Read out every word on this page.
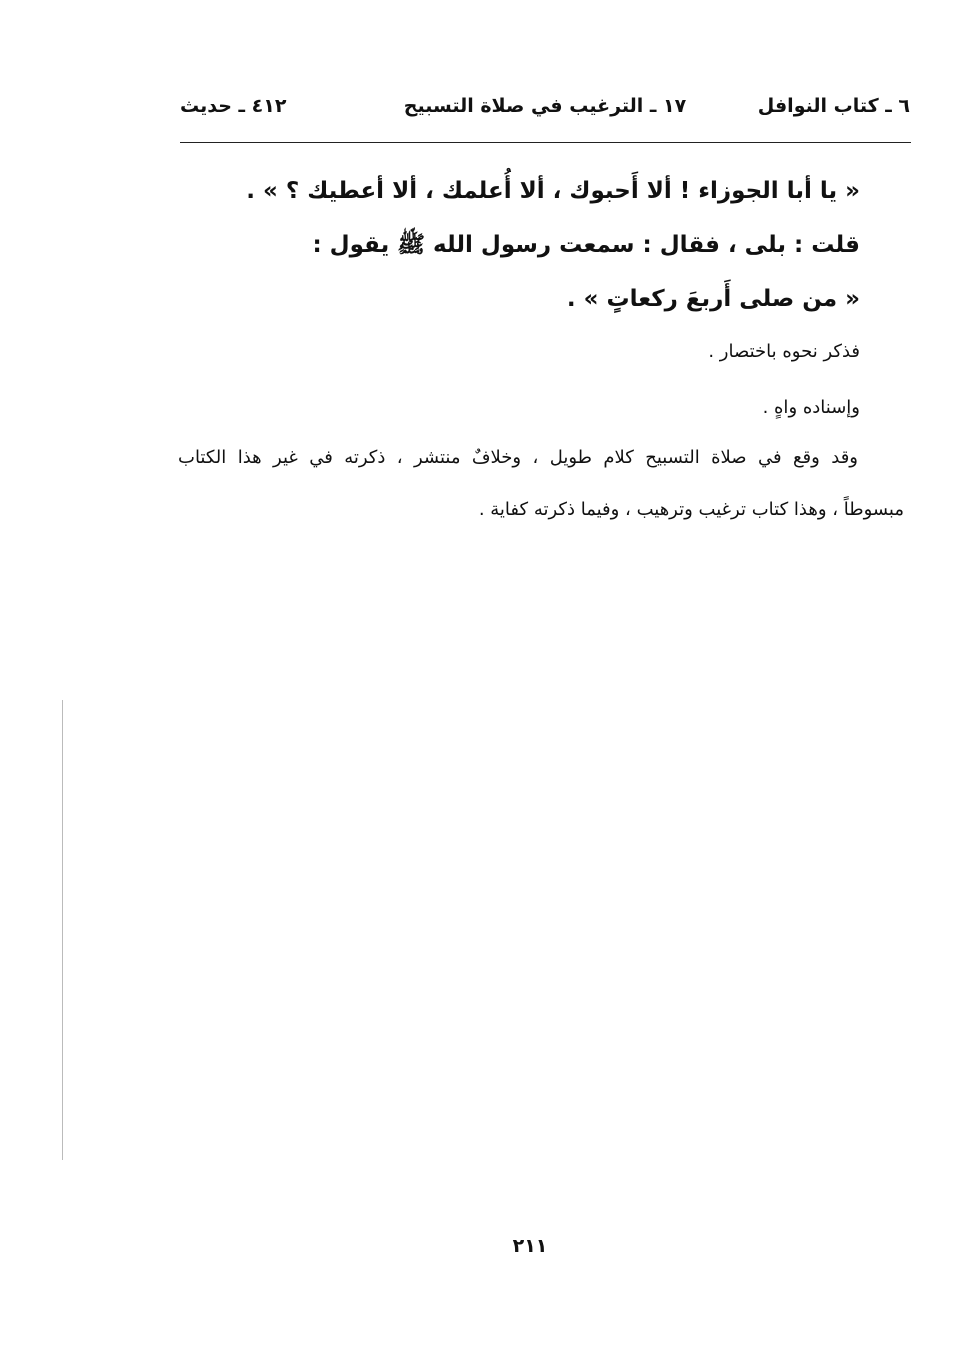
٦ ـ كتاب النوافل
١٧ ـ الترغيب في صلاة التسبيح
٤١٢ ـ حديث

« يا أبا الجوزاء ! ألا أَحبوك ، ألا أُعلمك ، ألا أعطيك ؟ » .

قلت : بلى ، فقال : سمعت رسول الله ﷺ يقول :

« من صلى أَربعَ ركعاتٍ » .

فذكر نحوه باختصار .

وإسناده واهٍ .

وقد وقع في صلاة التسبيح كلام طويل ، وخلافٌ منتشر ، ذكرته في غير هذا الكتاب
مبسوطاً ، وهذا كتاب ترغيب وترهيب ، وفيما ذكرته كفاية .
٢١١
